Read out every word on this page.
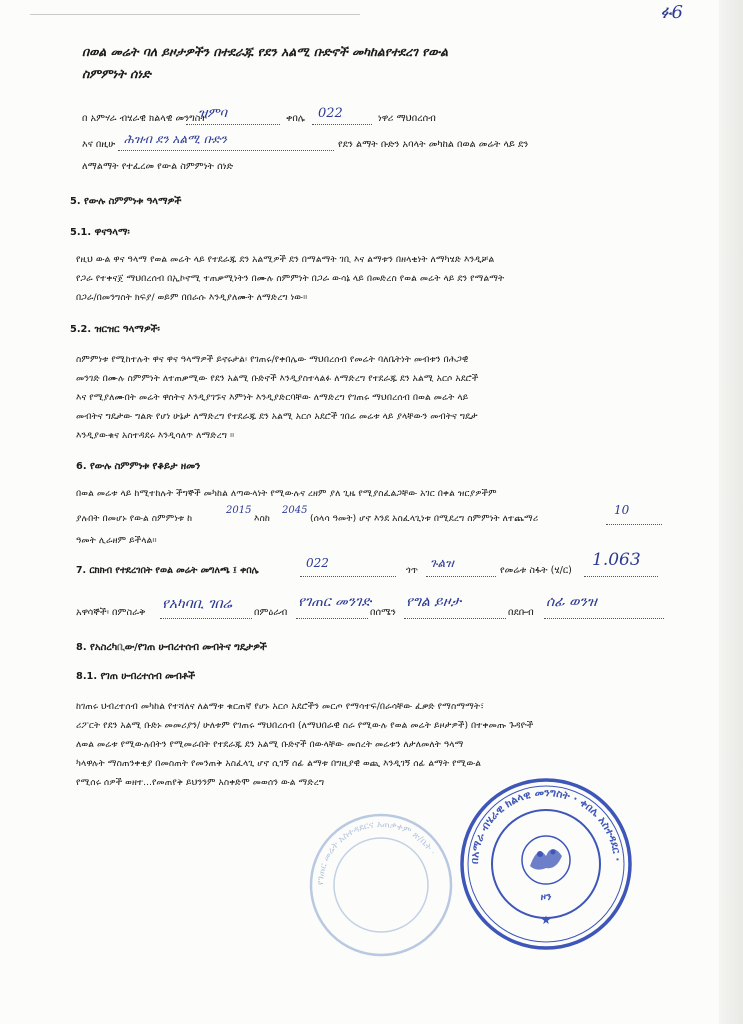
ፉ6
በወል መሬት ባለ ይዞታዎችን በተደራጁ የደን አልሚ ቡድኖች መካከልየተደረገ የውል
ስምምነት ሰነድ
በ አምሃራ ብሄራዊ ክልላዊ መንግስት
ዝምባ	ቀበሌ 022	ነዋሪ ማህበረሰብ
እና በዚሁ ሕዝብ ደን አልሚ ቡድን	የደን ልማት ቡድን አባላት መካከል በወል መሬት ላይ ደን
ለማልማት የተፈረመ የውል ስምምነት ሰነድ
5. የውሉ ስምምነቱ ዓላማዎች
5.1. ዋናዓላማ፡
የዚህ ውል ዋና ዓላማ የወል መሬት ላይ የተደራጁ ደን አልሚዎች ደን በማልማት ገቢ እና ልማቱን በዘላቂነት ለማካሄድ እንዲቻል
የጋራ የተቀናጀ ማህበረሰብ በኢኮኖሚ ተጠቃሚነትን በሙሉ ስምምነት በጋራ ውሳኔ ላይ በመድረስ የወል መሬት ላይ ደን የማልማት
በጋራ/በመንግስት ክፍያ/ ወይም በበራሱ እንዲያለሙት ለማድረግ ነው።
5.2. ዝርዝር ዓላማዎች፡
ስምምነቱ የሚከተሉት ዋና ዋና ዓላማዎች ይኖሩታል፡ የገጠሩ/የቀበሌው ማህበረሰብ የመሬት ባለቤትነት መብቱን በሕጋዊ
መንገድ በሙሉ ስምምነት ለተጠቃሚው የደን አልሚ ቡድኖች እንዲያስተላልፉ ለማድረግ የተደራጁ ደን አልሚ አርሶ አደሮች
እና የሚያለሙበት መሬት ዋስትና እንዲያገኙና እምነት እንዲያድርባቸው ለማድረግ የገጠሩ ማህበረሰብ በወል መሬት ላይ
መብትና ግዴታው ግልጽ የሆነ ሁኔታ ለማድረግ የተደራጁ ደን አልሚ አርሶ አደሮች ገበሬ መሬቱ ላይ ያላቸውን መብትና ግዴታ
እንዲያውቁና አስተዳደሩ እንዲሳለጥ ለማድረግ ።
6. የውሉ ስምምነቱ የቆይታ ዘመን
በወል መሬቱ ላይ ከሚተከሉት ችግኞች መካከል ለጣውላነት የሚውሉና ረዘም ያለ ጊዜ የሚያስፈልጋቸው አገር በቀል ዝርያዎችም
ያሉበት በመሆኑ የውል ስምምነቱ ከ
2015
እስከ
2045
(ሰላሳ ዓመት) ሆኖ እንደ አስፈላጊነቱ በሚደረግ ስምምነት ለተጨማሪ
10
ዓመት ሊራዘም ይችላል።
7. ርክክብ የተደረገበት የወል መሬት መግለጫ ፤ ቀበሌ
022
ጎጥ
ጉልዝ
የመሬቱ ስፋት (ሄ/ር)
1.063
አዋሳኞች፡ በምስራቅ
የአካባቢ ገበሬ
በምዕራብ
የገጠር መንገድ
በሰሜን
የግል ይዞታ
በደቡብ
ሰፊ ወንዝ
8. የአስረካቢው/የገጠ ሁብረተሰብ መብትና ግዴታዎች
8.1. የገጠ ሁብረተሰብ መብቶች
ከገጠሩ ህብረተሰብ መካከል የተሻለና ለልማቱ ቁርጠኛ የሆኑ አርሶ አደሮችን መርጦ የማሳተፍ/በራሳቸው ፈቃድ የማስማማት፣
ሪፖርት የደን አልሚ ቡድኑ መመሪያን/ ሁለቱም የገጠሩ ማህበረሰብ (ለማህበራዊ ስራ የሚውሉ የወል መሬት ይዞታዎች) በተቀመጡ ጉዳዮች
ለወል መሬቱ የሚውሉበትን የሚመራበት የተደራጁ ደን አልሚ ቡድኖች በውላቸው መሰረት መሬቱን ለታለመለት ዓላማ
ካላዋሉት ማስጠንቀቂያ በመስጠት የመንጠቅ አስፈላጊ ሆኖ ሲገኝ ሰፊ ልማቱ በግዚያዊ ወጪ እንዲገኝ ሰፊ ልማት የሚውል
የሚሰሩ ሰዎች ወዘተ...የመጠየቅ ይህንንም አስቀድሞ መወሰን ውል ማድረግ
የገጠር መሬት አስተዳደርና አጠቃቀም ጽ/ቤት ·
በአማራ ብሄራዊ ክልላዊ መንግስት · ቀበሌ አስተዳደር ·
ዞን
★
